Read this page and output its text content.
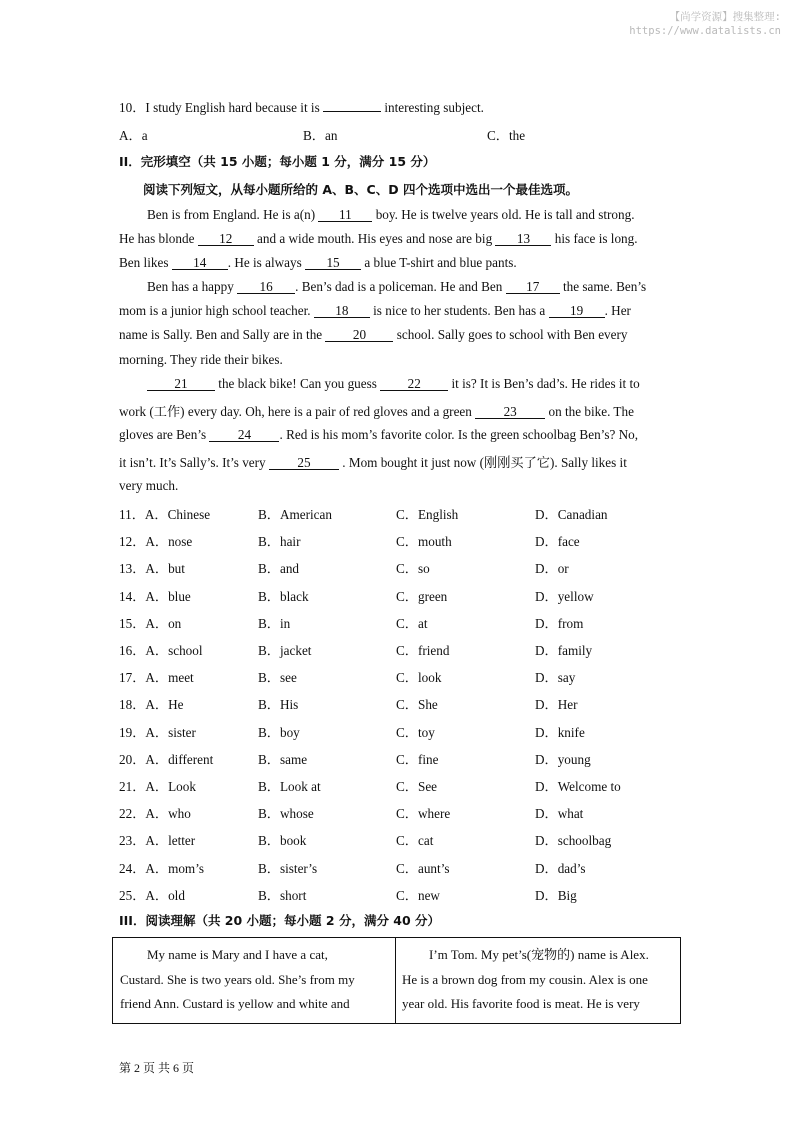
【尚学资源】搜集整理:
https://www.datalists.cn
10．I study English hard because it is	interesting subject.
A．a	B．an	C．the
II．完形填空（共 15 小题；每小题 1 分，满分 15 分）
阅读下列短文，从每小题所给的 A、B、C、D 四个选项中选出一个最佳选项。
Ben is from England. He is a(n) 11 boy. He is twelve years old. He is tall and strong.
He has blonde 12 and a wide mouth. His eyes and nose are big 13 his face is long.
Ben likes 14 . He is always 15 a blue T-shirt and blue pants.
Ben has a happy 16 . Ben’s dad is a policeman. He and Ben 17 the same. Ben’s
mom is a junior high school teacher. 18 is nice to her students. Ben has a 19 . Her
name is Sally. Ben and Sally are in the 20 school. Sally goes to school with Ben every
morning. They ride their bikes.
21 the black bike! Can you guess 22 it is? It is Ben’s dad’s. He rides it to
work (工作) every day. Oh, here is a pair of red gloves and a green 23 on the bike. The
gloves are Ben’s 24 . Red is his mom’s favorite color. Is the green schoolbag Ben’s? No,
it isn’t. It’s Sally’s. It’s very 25 . Mom bought it just now (刚刚买了它). Sally likes it
very much.
11．A．Chinese	B．American	C．English	D．Canadian
12．A．nose	B．hair	C．mouth	D．face
13．A．but	B．and	C．so	D．or
14．A．blue	B．black	C．green	D．yellow
15．A．on	B．in	C．at	D．from
16．A．school	B．jacket	C．friend	D．family
17．A．meet	B．see	C．look	D．say
18．A．He	B．His	C．She	D．Her
19．A．sister	B．boy	C．toy	D．knife
20．A．different	B．same	C．fine	D．young
21．A．Look	B．Look at	C．See	D．Welcome to
22．A．who	B．whose	C．where	D．what
23．A．letter	B．book	C．cat	D．schoolbag
24．A．mom’s	B．sister’s	C．aunt’s	D．dad’s
25．A．old	B．short	C．new	D．Big
III．阅读理解（共 20 小题；每小题 2 分，满分 40 分）
My name is Mary and I have a cat,
Custard. She is two years old. She’s from my
friend Ann. Custard is yellow and white and
I’m Tom. My pet’s(宠物的) name is Alex.
He is a brown dog from my cousin. Alex is one
year old. His favorite food is meat. He is very
第 2 页 共 6 页
